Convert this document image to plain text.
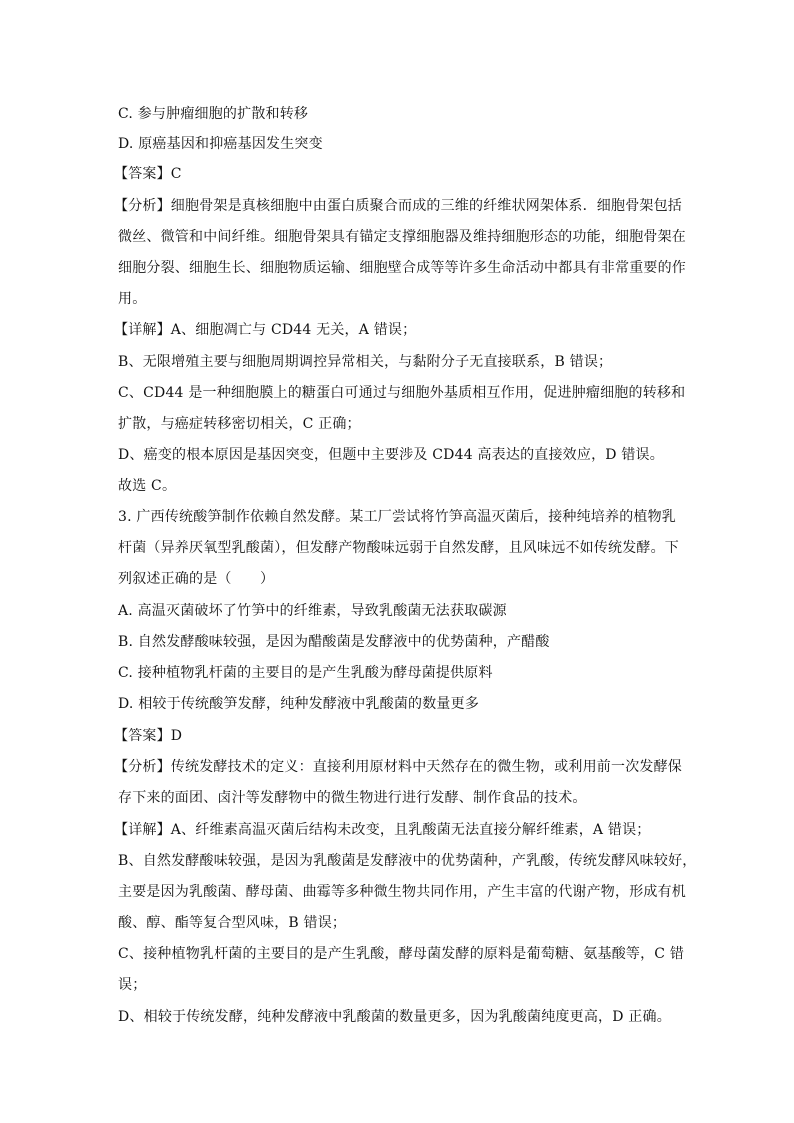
C. 参与肿瘤细胞的扩散和转移
D. 原癌基因和抑癌基因发生突变
【答案】C
【分析】细胞骨架是真核细胞中由蛋白质聚合而成的三维的纤维状网架体系．细胞骨架包括
微丝、微管和中间纤维。细胞骨架具有锚定支撑细胞器及维持细胞形态的功能，细胞骨架在
细胞分裂、细胞生长、细胞物质运输、细胞壁合成等等许多生命活动中都具有非常重要的作
用。
【详解】A、细胞凋亡与 CD44 无关，A 错误；
B、无限增殖主要与细胞周期调控异常相关，与黏附分子无直接联系，B 错误；
C、CD44 是一种细胞膜上的糖蛋白可通过与细胞外基质相互作用，促进肿瘤细胞的转移和
扩散，与癌症转移密切相关，C 正确；
D、癌变的根本原因是基因突变，但题中主要涉及 CD44 高表达的直接效应，D 错误。
故选 C。
3. 广西传统酸笋制作依赖自然发酵。某工厂尝试将竹笋高温灭菌后，接种纯培养的植物乳
杆菌（异养厌氧型乳酸菌），但发酵产物酸味远弱于自然发酵，且风味远不如传统发酵。下
列叙述正确的是（　　）
A. 高温灭菌破坏了竹笋中的纤维素，导致乳酸菌无法获取碳源
B. 自然发酵酸味较强，是因为醋酸菌是发酵液中的优势菌种，产醋酸
C. 接种植物乳杆菌的主要目的是产生乳酸为酵母菌提供原料
D. 相较于传统酸笋发酵，纯种发酵液中乳酸菌的数量更多
【答案】D
【分析】传统发酵技术的定义：直接利用原材料中天然存在的微生物，或利用前一次发酵保
存下来的面团、卤汁等发酵物中的微生物进行进行发酵、制作食品的技术。
【详解】A、纤维素高温灭菌后结构未改变，且乳酸菌无法直接分解纤维素，A 错误；
B、自然发酵酸味较强，是因为乳酸菌是发酵液中的优势菌种，产乳酸，传统发酵风味较好，
主要是因为乳酸菌、酵母菌、曲霉等多种微生物共同作用，产生丰富的代谢产物，形成有机
酸、醇、酯等复合型风味，B 错误；
C、接种植物乳杆菌的主要目的是产生乳酸，酵母菌发酵的原料是葡萄糖、氨基酸等，C 错
误；
D、相较于传统发酵，纯种发酵液中乳酸菌的数量更多，因为乳酸菌纯度更高，D 正确。
